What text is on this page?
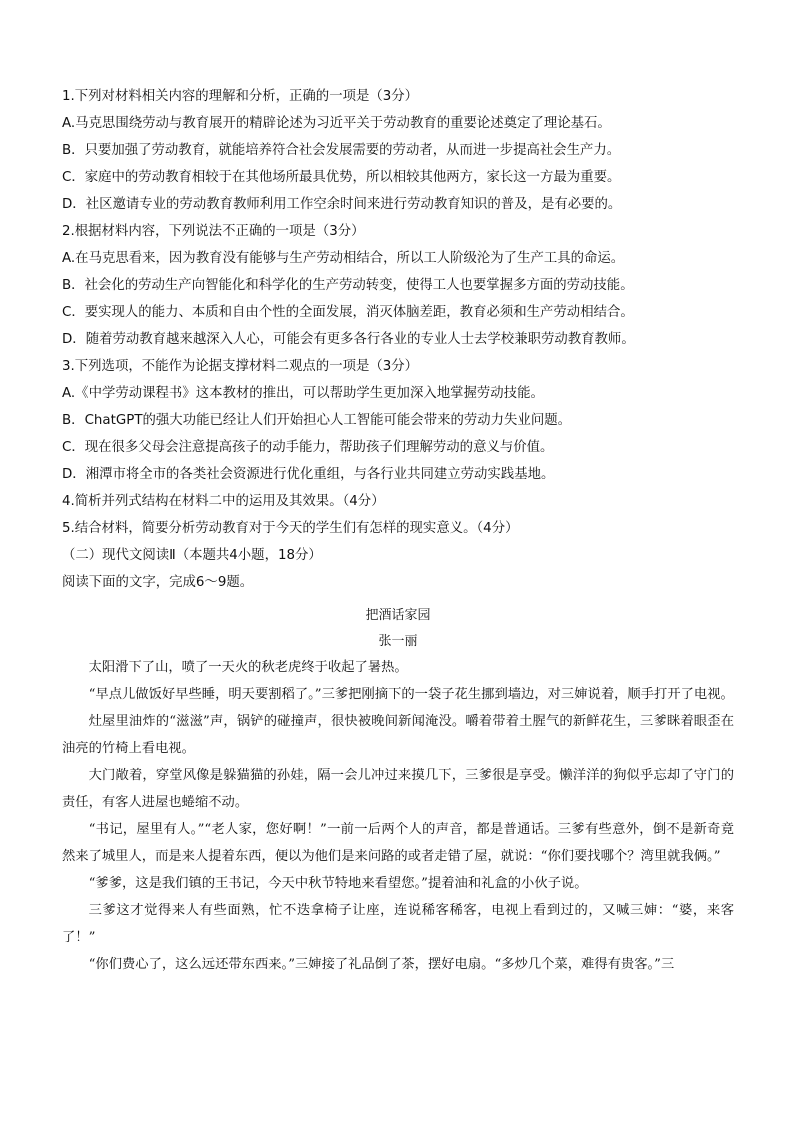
1.下列对材料相关内容的理解和分析，正确的一项是（3分）
A.马克思围绕劳动与教育展开的精辟论述为习近平关于劳动教育的重要论述奠定了理论基石。
B．只要加强了劳动教育，就能培养符合社会发展需要的劳动者，从而进一步提高社会生产力。
C．家庭中的劳动教育相较于在其他场所最具优势，所以相较其他两方，家长这一方最为重要。
D．社区邀请专业的劳动教育教师利用工作空余时间来进行劳动教育知识的普及，是有必要的。
2.根据材料内容，下列说法不正确的一项是（3分）
A.在马克思看来，因为教育没有能够与生产劳动相结合，所以工人阶级沦为了生产工具的命运。
B．社会化的劳动生产向智能化和科学化的生产劳动转变，使得工人也要掌握多方面的劳动技能。
C．要实现人的能力、本质和自由个性的全面发展，消灭体脑差距，教育必须和生产劳动相结合。
D．随着劳动教育越来越深入人心，可能会有更多各行各业的专业人士去学校兼职劳动教育教师。
3.下列选项，不能作为论据支撑材料二观点的一项是（3分）
A.《中学劳动课程书》这本教材的推出，可以帮助学生更加深入地掌握劳动技能。
B．ChatGPT的强大功能已经让人们开始担心人工智能可能会带来的劳动力失业问题。
C．现在很多父母会注意提高孩子的动手能力，帮助孩子们理解劳动的意义与价值。
D．湘潭市将全市的各类社会资源进行优化重组，与各行业共同建立劳动实践基地。
4.简析并列式结构在材料二中的运用及其效果。（4分）
5.结合材料，简要分析劳动教育对于今天的学生们有怎样的现实意义。（4分）
（二）现代文阅读Ⅱ（本题共4小题，18分）
阅读下面的文字，完成6～9题。
把酒话家园
张一丽

太阳滑下了山，喷了一天火的秋老虎终于收起了暑热。

“早点儿做饭好早些睡，明天要割稻了。”三爹把刚摘下的一袋子花生挪到墙边，对三婶说着，顺手打开了电视。

灶屋里油炸的“滋滋”声，锅铲的碰撞声，很快被晚间新闻淹没。嚼着带着土腥气的新鲜花生，三爹眯着眼歪在油亮的竹椅上看电视。

大门敞着，穿堂风像是躲猫猫的孙娃，隔一会儿冲过来摸几下，三爹很是享受。懒洋洋的狗似乎忘却了守门的责任，有客人进屋也蜷缩不动。

“书记，屋里有人。”“老人家，您好啊！”一前一后两个人的声音，都是普通话。三爹有些意外，倒不是新奇竟然来了城里人，而是来人提着东西，便以为他们是来问路的或者走错了屋，就说：“你们要找哪个？湾里就我俩。”

“爹爹，这是我们镇的王书记，今天中秋节特地来看望您。”提着油和礼盒的小伙子说。

三爹这才觉得来人有些面熟，忙不迭拿椅子让座，连说稀客稀客，电视上看到过的，又喊三婶：“婆，来客了！”

“你们费心了，这么远还带东西来。”三婶接了礼品倒了茶，摆好电扇。“多炒几个菜，难得有贵客。”三
